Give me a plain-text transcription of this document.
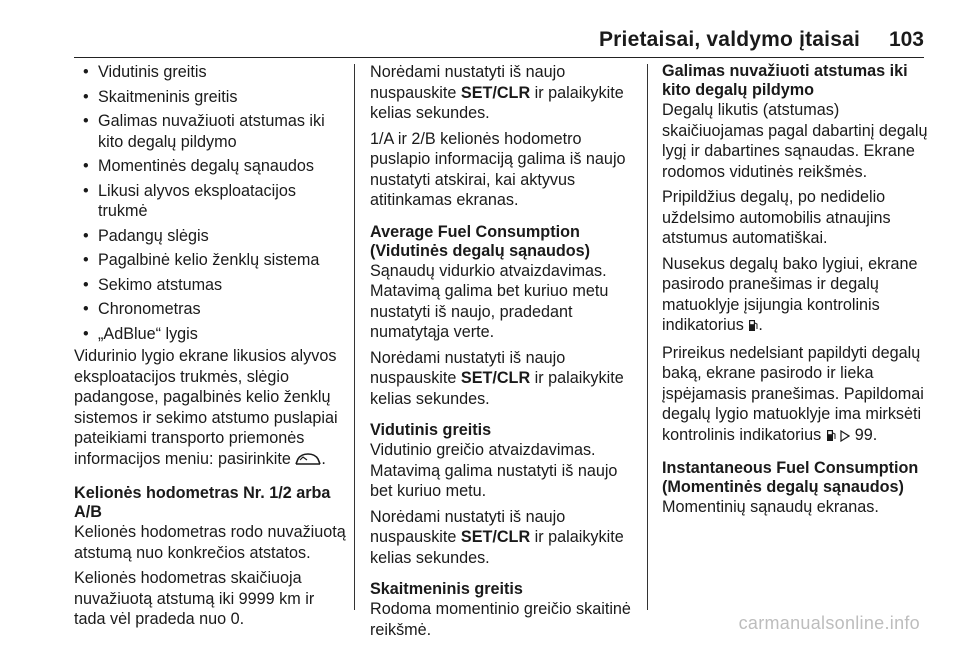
Prietaisai, valdymo įtaisai 103
• Vidutinis greitis
• Skaitmeninis greitis
• Galimas nuvažiuoti atstumas iki kito degalų pildymo
• Momentinės degalų sąnaudos
• Likusi alyvos eksploatacijos trukmė
• Padangų slėgis
• Pagalbinė kelio ženklų sistema
• Sekimo atstumas
• Chronometras
• „AdBlue“ lygis

Vidurinio lygio ekrane likusios alyvos eksploatacijos trukmės, slėgio padangose, pagalbinės kelio ženklų sistemos ir sekimo atstumo puslapiai pateikiami transporto priemonės informacijos meniu: pasirinkite .

Kelionės hodometras Nr. 1/2 arba A/B

Kelionės hodometras rodo nuvažiuotą atstumą nuo konkrečios atstatos.

Kelionės hodometras skaičiuoja nuvažiuotą atstumą iki 9999 km ir tada vėl pradeda nuo 0.

Norėdami nustatyti iš naujo nuspauskite SET/CLR ir palaikykite kelias sekundes.

1/A ir 2/B kelionės hodometro puslapio informaciją galima iš naujo nustatyti atskirai, kai aktyvus atitinkamas ekranas.

Average Fuel Consumption (Vidutinės degalų sąnaudos)

Sąnaudų vidurkio atvaizdavimas. Matavimą galima bet kuriuo metu nustatyti iš naujo, pradedant numatytąja verte.

Norėdami nustatyti iš naujo nuspauskite SET/CLR ir palaikykite kelias sekundes.

Vidutinis greitis

Vidutinio greičio atvaizdavimas. Matavimą galima nustatyti iš naujo bet kuriuo metu.

Norėdami nustatyti iš naujo nuspauskite SET/CLR ir palaikykite kelias sekundes.

Skaitmeninis greitis

Rodoma momentinio greičio skaitinė reikšmė.

Galimas nuvažiuoti atstumas iki kito degalų pildymo

Degalų likutis (atstumas) skaičiuojamas pagal dabartinį degalų lygį ir dabartines sąnaudas. Ekrane rodomos vidutinės reikšmės.

Pripildžius degalų, po nedidelio uždelsimo automobilis atnaujins atstumus automatiškai.

Nusekus degalų bako lygiui, ekrane pasirodo pranešimas ir degalų matuoklyje įsijungia kontrolinis indikatorius .

Prireikus nedelsiant papildyti degalų baką, ekrane pasirodo ir lieka įspėjamasis pranešimas. Papildomai degalų lygio matuoklyje ima mirksėti kontrolinis indikatorius   99.

Instantaneous Fuel Consumption (Momentinės degalų sąnaudos)

Momentinių sąnaudų ekranas.

carmanualsonline.info
